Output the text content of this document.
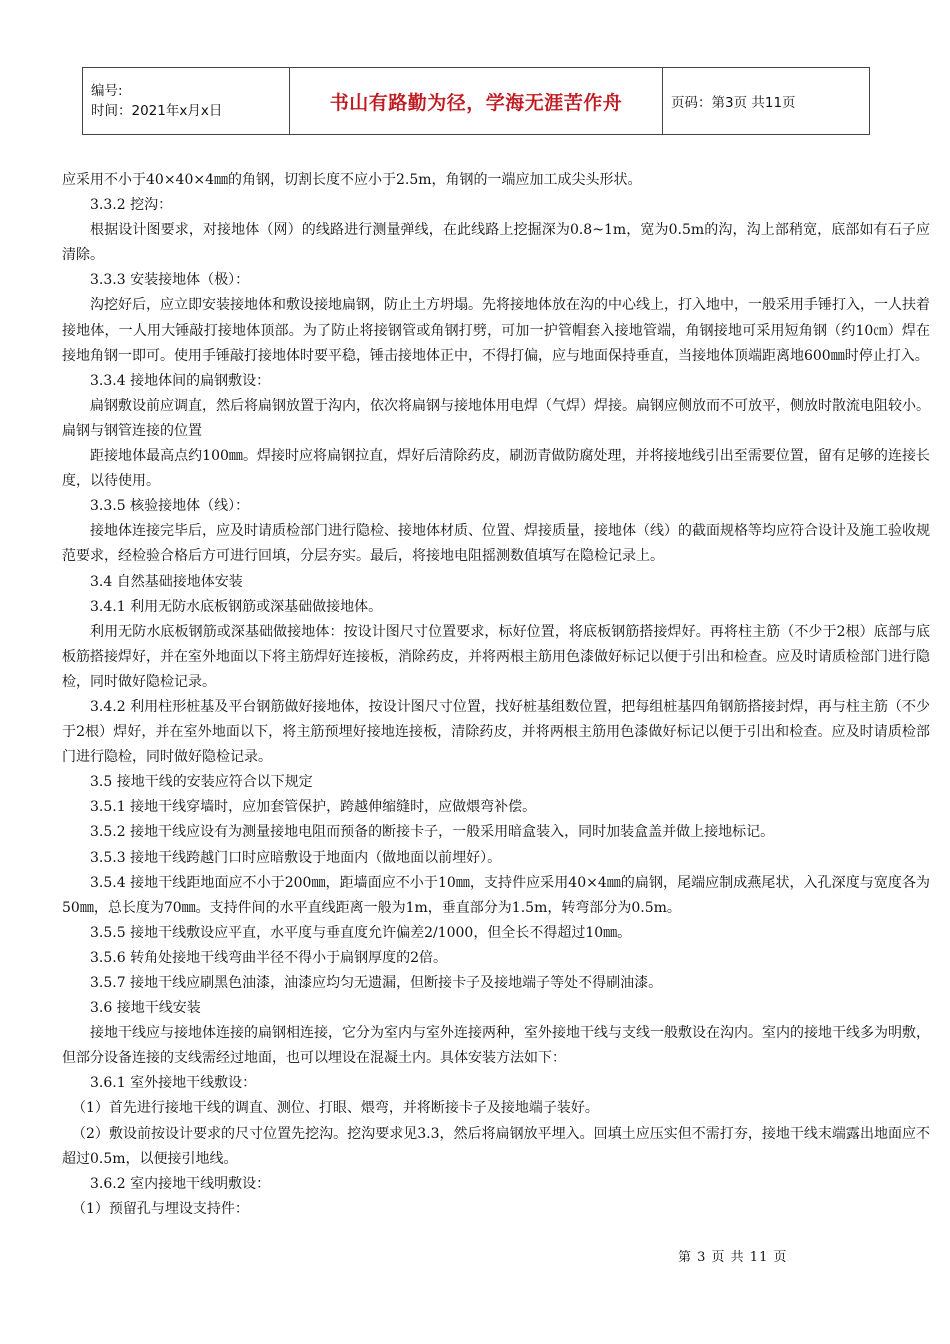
编号:
时间：2021年x月x日	书山有路勤为径，学海无涯苦作舟	页码：第3页 共11页

应采用不小于40×40×4㎜的角钢，切割长度不应小于2.5m，角钢的一端应加工成尖头形状。

3.3.2 挖沟：

根据设计图要求，对接地体（网）的线路进行测量弹线，在此线路上挖掘深为0.8~1m，宽为0.5m的沟，沟上部稍宽，底部如有石子应清除。

3.3.3 安装接地体（极）：

沟挖好后，应立即安装接地体和敷设接地扁钢，防止土方坍塌。先将接地体放在沟的中心线上，打入地中，一般采用手锤打入，一人扶着接地体，一人用大锤敲打接地体顶部。为了防止将接钢管或角钢打劈，可加一护管帽套入接地管端，角钢接地可采用短角钢（约10㎝）焊在接地角钢一即可。使用手锤敲打接地体时要平稳，锤击接地体正中，不得打偏，应与地面保持垂直，当接地体顶端距离地600㎜时停止打入。

3.3.4 接地体间的扁钢敷设：

扁钢敷设前应调直，然后将扁钢放置于沟内，依次将扁钢与接地体用电焊（气焊）焊接。扁钢应侧放而不可放平，侧放时散流电阻较小。扁钢与钢管连接的位置

距接地体最高点约100㎜。焊接时应将扁钢拉直，焊好后清除药皮，刷沥青做防腐处理，并将接地线引出至需要位置，留有足够的连接长度，以待使用。

3.3.5 核验接地体（线）：

接地体连接完毕后，应及时请质检部门进行隐检、接地体材质、位置、焊接质量，接地体（线）的截面规格等均应符合设计及施工验收规范要求，经检验合格后方可进行回填，分层夯实。最后，将接地电阻摇测数值填写在隐检记录上。

3.4 自然基础接地体安装

3.4.1 利用无防水底板钢筋或深基础做接地体。

利用无防水底板钢筋或深基础做接地体：按设计图尺寸位置要求，标好位置，将底板钢筋搭接焊好。再将柱主筋（不少于2根）底部与底板筋搭接焊好，并在室外地面以下将主筋焊好连接板，消除药皮，并将两根主筋用色漆做好标记以便于引出和检查。应及时请质检部门进行隐检，同时做好隐检记录。

3.4.2 利用柱形桩基及平台钢筋做好接地体，按设计图尺寸位置，找好桩基组数位置，把每组桩基四角钢筋搭接封焊，再与柱主筋（不少于2根）焊好，并在室外地面以下，将主筋预埋好接地连接板，清除药皮，并将两根主筋用色漆做好标记以便于引出和检查。应及时请质检部门进行隐检，同时做好隐检记录。

3.5 接地干线的安装应符合以下规定

3.5.1 接地干线穿墙时，应加套管保护，跨越伸缩缝时，应做煨弯补偿。

3.5.2 接地干线应设有为测量接地电阻而预备的断接卡子，一般采用暗盒装入，同时加装盒盖并做上接地标记。

3.5.3 接地干线跨越门口时应暗敷设于地面内（做地面以前埋好）。

3.5.4 接地干线距地面应不小于200㎜，距墙面应不小于10㎜，支持件应采用40×4㎜的扁钢，尾端应制成燕尾状，入孔深度与宽度各为50㎜，总长度为70㎜。支持件间的水平直线距离一般为1m，垂直部分为1.5m，转弯部分为0.5m。

3.5.5 接地干线敷设应平直，水平度与垂直度允许偏差2/1000，但全长不得超过10㎜。

3.5.6 转角处接地干线弯曲半径不得小于扁钢厚度的2倍。

3.5.7 接地干线应刷黑色油漆，油漆应均匀无遗漏，但断接卡子及接地端子等处不得刷油漆。

3.6 接地干线安装

接地干线应与接地体连接的扁钢相连接，它分为室内与室外连接两种，室外接地干线与支线一般敷设在沟内。室内的接地干线多为明敷，但部分设备连接的支线需经过地面，也可以埋设在混凝土内。具体安装方法如下：

3.6.1 室外接地干线敷设：

（1）首先进行接地干线的调直、测位、打眼、煨弯，并将断接卡子及接地端子装好。

（2）敷设前按设计要求的尺寸位置先挖沟。挖沟要求见3.3，然后将扁钢放平埋入。回填土应压实但不需打夯，接地干线末端露出地面应不超过0.5m，以便接引地线。

3.6.2 室内接地干线明敷设：

（1）预留孔与埋设支持件：

第 3 页 共 11 页
